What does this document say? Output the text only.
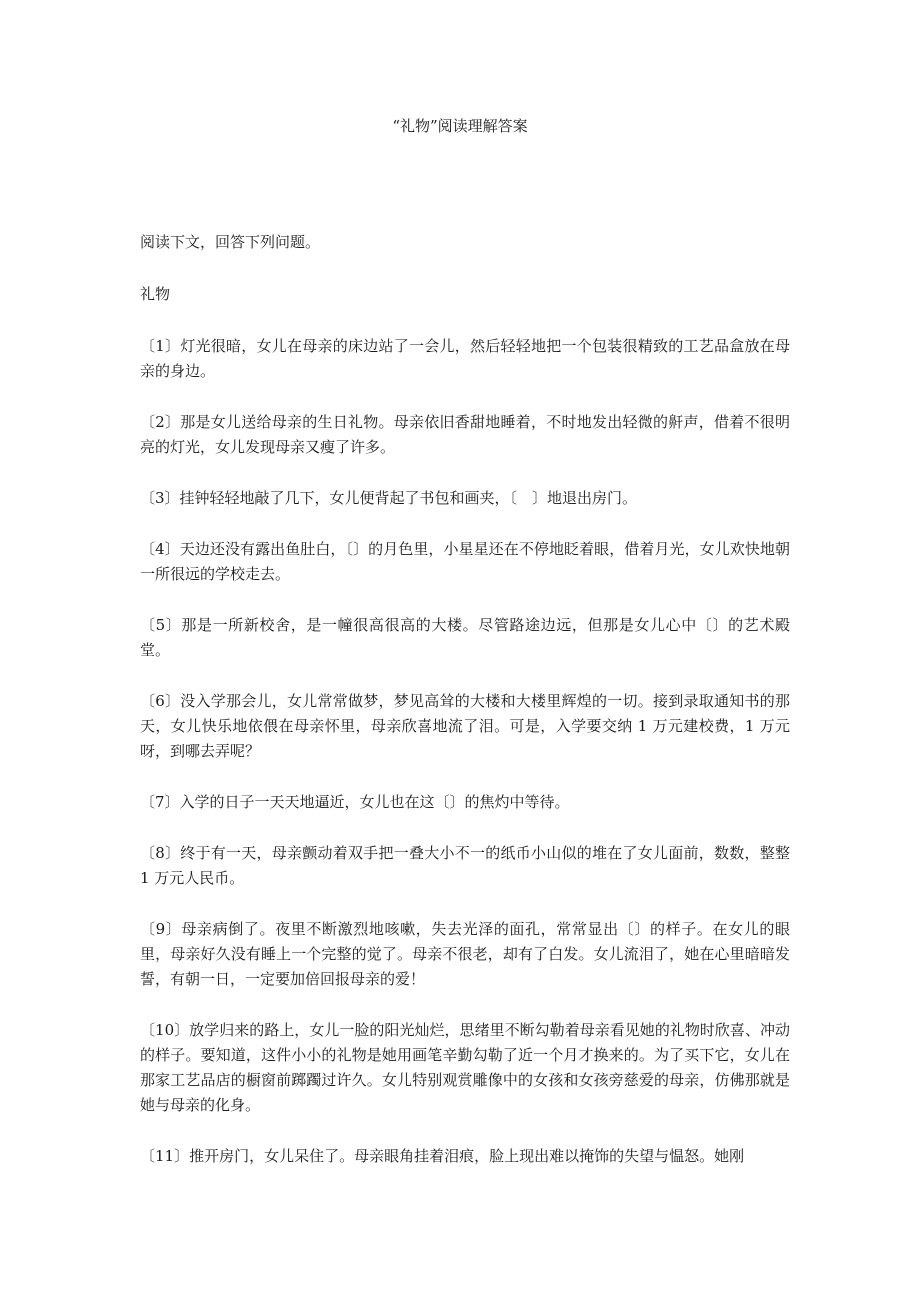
“礼物”阅读理解答案

阅读下文，回答下列问题。

礼物

〔1〕灯光很暗，女儿在母亲的床边站了一会儿，然后轻轻地把一个包装很精致的工艺品盒放在母亲的身边。

〔2〕那是女儿送给母亲的生日礼物。母亲依旧香甜地睡着，不时地发出轻微的鼾声，借着不很明亮的灯光，女儿发现母亲又瘦了许多。

〔3〕挂钟轻轻地敲了几下，女儿便背起了书包和画夹，〔　〕地退出房门。

〔4〕天边还没有露出鱼肚白，〔〕的月色里，小星星还在不停地眨着眼，借着月光，女儿欢快地朝一所很远的学校走去。

〔5〕那是一所新校舍，是一幢很高很高的大楼。尽管路途边远，但那是女儿心中〔〕的艺术殿堂。

〔6〕没入学那会儿，女儿常常做梦，梦见高耸的大楼和大楼里辉煌的一切。接到录取通知书的那天，女儿快乐地依偎在母亲怀里，母亲欣喜地流了泪。可是，入学要交纳 1 万元建校费，1 万元呀，到哪去弄呢？

〔7〕入学的日子一天天地逼近，女儿也在这〔〕的焦灼中等待。

〔8〕终于有一天，母亲颤动着双手把一叠大小不一的纸币小山似的堆在了女儿面前，数数，整整 1 万元人民币。

〔9〕母亲病倒了。夜里不断激烈地咳嗽，失去光泽的面孔，常常显出〔〕的样子。在女儿的眼里，母亲好久没有睡上一个完整的觉了。母亲不很老，却有了白发。女儿流泪了，她在心里暗暗发誓，有朝一日，一定要加倍回报母亲的爱！

〔10〕放学归来的路上，女儿一脸的阳光灿烂，思绪里不断勾勒着母亲看见她的礼物时欣喜、冲动的样子。要知道，这件小小的礼物是她用画笔辛勤勾勒了近一个月才换来的。为了买下它，女儿在那家工艺品店的橱窗前踯躅过许久。女儿特别观赏雕像中的女孩和女孩旁慈爱的母亲，仿佛那就是她与母亲的化身。

〔11〕推开房门，女儿呆住了。母亲眼角挂着泪痕，脸上现出难以掩饰的失望与愠怒。她刚
